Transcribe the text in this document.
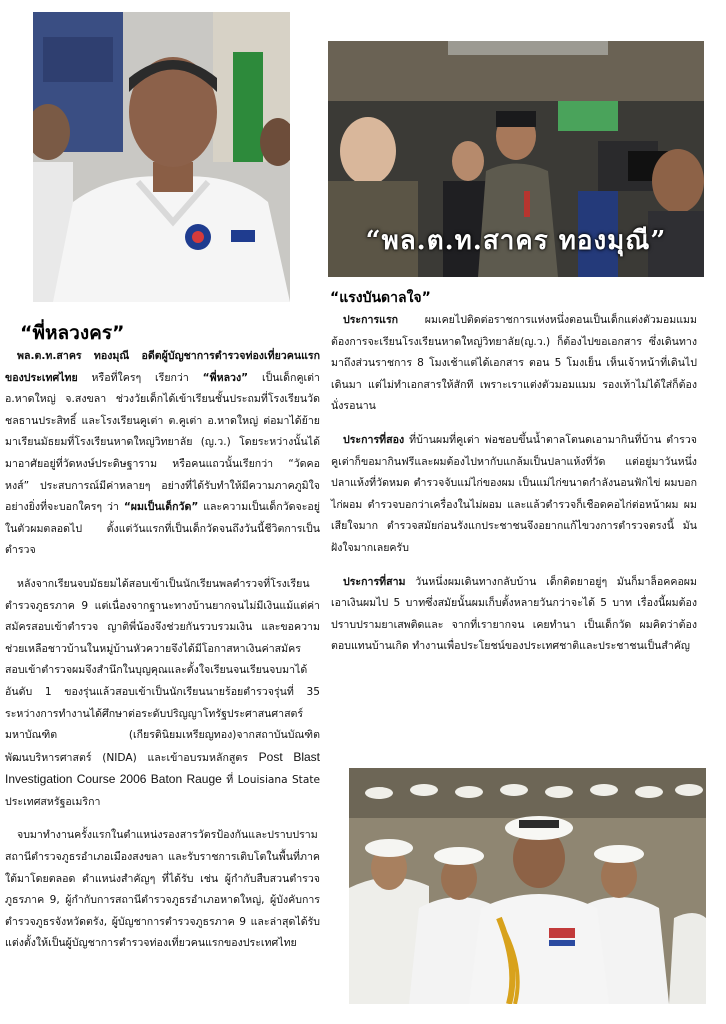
“พล.ต.ท.สาคร ทองมุณี”
“พี่หลวงคร”
“แรงบันดาลใจ”

พล.ต.ท.สาคร ทองมุณี อดีตผู้บัญชาการตำรวจท่องเที่ยวคนแรกของประเทศไทย หรือที่ใครๆ เรียกว่า “พี่หลวง” เป็นเด็กคูเต่า อ.หาดใหญ่ จ.สงขลา ช่วงวัยเด็กได้เข้าเรียนชั้นประถมที่โรงเรียนวัดชลธานประสิทธิ์ และโรงเรียนคูเต่า ต.คูเต่า อ.หาดใหญ่ ต่อมาได้ย้ายมาเรียนมัธยมที่โรงเรียนหาดใหญ่วิทยาลัย (ญ.ว.) โดยระหว่างนั้นได้มาอาศัยอยู่ที่วัดหงษ์ประดิษฐาราม หรือคนแถวนั้นเรียกว่า “วัดคอหงส์” ประสบการณ์มีค่าหลายๆ อย่างที่ได้รับทำให้มีความภาคภูมิใจอย่างยิ่งที่จะบอกใครๆ ว่า “ผมเป็นเด็กวัด” และความเป็นเด็กวัดจะอยู่ในตัวผมตลอดไป ตั้งแต่วันแรกที่เป็นเด็กวัดจนถึงวันนี้ชีวิตการเป็นตำรวจ

หลังจากเรียนจบมัธยมได้สอบเข้าเป็นนักเรียนพลตำรวจที่โรงเรียนตำรวจภูธรภาค 9 แต่เนื่องจากฐานะทางบ้านยากจนไม่มีเงินแม้แต่ค่าสมัครสอบเข้าตำรวจ ญาติพี่น้องจึงช่วยกันรวบรวมเงิน และขอความช่วยเหลือชาวบ้านในหมู่บ้านหัวควายจึงได้มีโอกาสหาเงินค่าสมัครสอบเข้าตำรวจผมจึงสำนึกในบุญคุณและตั้งใจเรียนจนเรียนจบมาได้อันดับ 1 ของรุ่นแล้วสอบเข้าเป็นนักเรียนนายร้อยตำรวจรุ่นที่ 35 ระหว่างการทำงานได้ศึกษาต่อระดับปริญญาโทรัฐประศาสนศาสตร์มหาบัณฑิต (เกียรตินิยมเหรียญทอง)จากสถาบันบัณฑิตพัฒนบริหารศาสตร์ (NIDA) และเข้าอบรมหลักสูตร Post Blast Investigation Course 2006 Baton Rauge ที่ Louisiana State ประเทศสหรัฐอเมริกา

จบมาทำงานครั้งแรกในตำแหน่งรองสารวัตรป้องกันและปราบปราม สถานีตำรวจภูธรอำเภอเมืองสงขลา และรับราชการเติบโตในพื้นที่ภาคใต้มาโดยตลอด ตำแหน่งสำคัญๆ ที่ได้รับ เช่น ผู้กำกับสืบสวนตำรวจภูธรภาค 9, ผู้กำกับการสถานีตำรวจภูธรอำเภอหาดใหญ่, ผู้บังคับการตำรวจภูธรจังหวัดตรัง, ผู้บัญชาการตำรวจภูธรภาค 9 และล่าสุดได้รับแต่งตั้งให้เป็นผู้บัญชาการตำรวจท่องเที่ยวคนแรกของประเทศไทย

ประการแรก ผมเคยไปติดต่อราชการแห่งหนึ่งตอนเป็นเด็กแต่งตัวมอมแมมต้องการจะเรียนโรงเรียนหาดใหญ่วิทยาลัย(ญ.ว.) ก็ต้องไปขอเอกสาร ซึ่งเดินทางมาถึงส่วนราชการ 8 โมงเช้าแต่ได้เอกสาร ตอน 5 โมงเย็น เห็นเจ้าหน้าที่เดินไปเดินมา แต่ไม่ทำเอกสารให้สักที เพราะเราแต่งตัวมอมแมม รองเท้าไม่ได้ใส่ก็ต้องนั่งรอนาน

ประการที่สอง ที่บ้านผมที่คูเต่า พ่อชอบขึ้นน้ำตาลโตนดเอามากินที่บ้าน ตำรวจคูเต่าก็ขอมากินฟรีและผมต้องไปหากับแกล้มเป็นปลาแห้งที่วัด แต่อยู่มาวันหนึ่งปลาแห้งที่วัดหมด ตำรวจจับแม่ไก่ของผม เป็นแม่ไก่ขนาดกำลังนอนฟักไข่ ผมบอกไก่ผอม ตำรวจบอกว่าเครื่องในไม่ผอม และแล้วตำรวจก็เชือดคอไก่ต่อหน้าผม ผมเสียใจมาก ตำรวจสมัยก่อนรังแกประชาชนจึงอยากแก้ไขวงการตำรวจตรงนี้ มันฝังใจมากเลยครับ

ประการที่สาม วันหนึ่งผมเดินทางกลับบ้าน เด็กติดยาอยู่ๆ มันก็มาล็อคคอผม เอาเงินผมไป 5 บาทซึ่งสมัยนั้นผมเก็บตั้งหลายวันกว่าจะได้ 5 บาท เรื่องนี้ผมต้องปราบปรามยาเสพติดและ จากที่เรายากจน เคยทำนา เป็นเด็กวัด ผมคิดว่าต้องตอบแทนบ้านเกิด ทำงานเพื่อประโยชน์ของประเทศชาติและประชาชนเป็นสำคัญ
